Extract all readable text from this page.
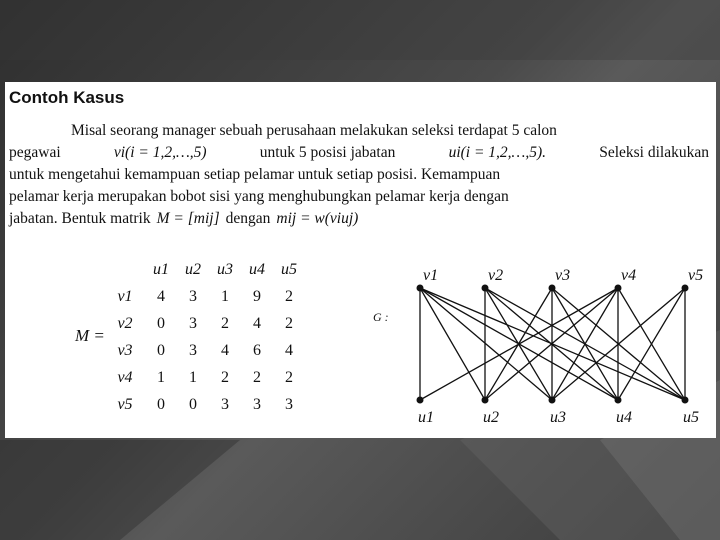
Contoh Kasus
Misal seorang manager sebuah perusahaan melakukan seleksi terdapat 5 calon
pegawai	vi(i = 1,2,…,5)	untuk 5 posisi jabatan	ui(i = 1,2,…,5).	Seleksi dilakukan
untuk mengetahui kemampuan setiap pelamar untuk setiap posisi. Kemampuan
pelamar kerja merupakan bobot sisi yang menghubungkan pelamar kerja dengan
jabatan. Bentuk matrik M = [mij] dengan mij = w(viuj)
M =
	u1	u2	u3	u4	u5
v1	4	3	1	9	2
v2	0	3	2	4	2
v3	0	3	4	6	4
v4	1	1	2	2	2
v5	0	0	3	3	3
G :
v1	v2	v3	v4	v5
u1	u2	u3	u4	u5
